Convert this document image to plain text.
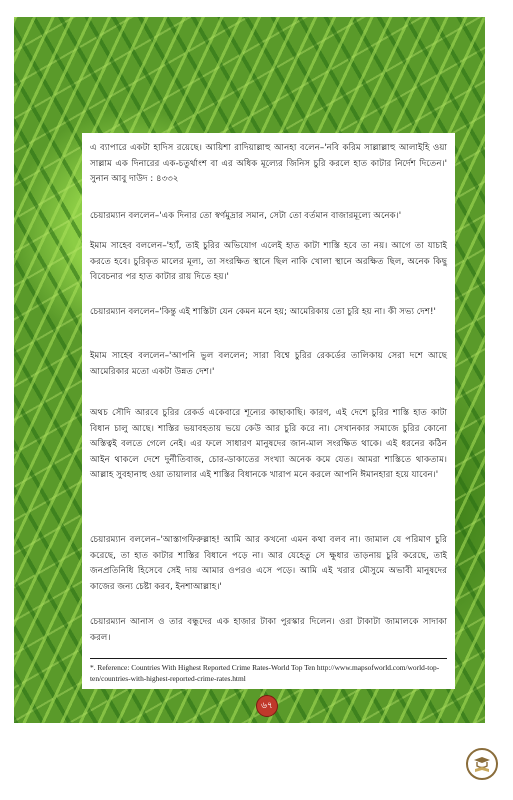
এ ব্যাপারে একটা হাদিস রয়েছে। আয়িশা রাদিয়াল্লাহু আনহা বলেন–'নবি করিম সাল্লাল্লাহু আলাইহি ওয়া সাল্লাম এক দিনারের এক-চতুর্থাংশ বা এর অধিক মূল্যের জিনিস চুরি করলে হাত কাটার নির্দেশ দিতেন।' সুনান আবু দাউদ : ৪৩৩২

চেয়ারম্যান বললেন–'এক দিনার তো স্বর্ণমুদ্রার সমান, সেটা তো বর্তমান বাজারমূল্যে অনেক।'

ইমাম সাহেব বললেন–'হ্যাঁ, তাই চুরির অভিযোগ এলেই হাত কাটা শাস্তি হবে তা নয়। আগে তা যাচাই করতে হবে। চুরিকৃত মালের মূল্য, তা সংরক্ষিত স্থানে ছিল নাকি খোলা স্থানে অরক্ষিত ছিল, অনেক কিছু বিবেচনার পর হাত কাটার রায় দিতে হয়।'

চেয়ারম্যান বললেন–'কিন্তু এই শাস্তিটা যেন কেমন মনে হয়; আমেরিকায় তো চুরি হয় না। কী সভ্য দেশ!'

ইমাম সাহেব বললেন–'আপনি ভুল বললেন; সারা বিশ্বে চুরির রেকর্ডের তালিকায় সেরা দশে আছে আমেরিকার মতো একটা উন্নত দেশ।'

অথচ সৌদি আরবে চুরির রেকর্ড একেবারে শূন্যের কাছাকাছি। কারণ, এই দেশে চুরির শাস্তি হাত কাটা বিধান চালু আছে। শাস্তির ভয়াবহতায় ভয়ে কেউ আর চুরি করে না। সেখানকার সমাজে চুরির কোনো অস্তিত্বই বলতে গেলে নেই। এর ফলে সাধারণ মানুষদের জান-মাল সংরক্ষিত থাকে। এই ধরনের কঠিন আইন থাকলে দেশে দুর্নীতিবাজ, চোর-ডাকাতের সংখ্যা অনেক কমে যেত। আমরা শাস্তিতে থাকতাম। আল্লাহ সুবহানাহু ওয়া তায়ালার এই শাস্তির বিধানকে খারাপ মনে করলে আপনি ঈমানহারা হয়ে যাবেন।'

চেয়ারম্যান বললেন–'আস্তাগফিরুল্লাহ! আমি আর কখনো এমন কথা বলব না। জামাল যে পরিমাণ চুরি করেছে, তা হাত কাটার শাস্তির বিধানে পড়ে না। আর যেহেতু সে ক্ষুধার তাড়নায় চুরি করেছে, তাই জনপ্রতিনিধি হিসেবে সেই দায় আমার ওপরও এসে পড়ে। আমি এই খরার মৌসুমে অভাবী মানুষদের কাজের জন্য চেষ্টা করব, ইনশাআল্লাহ।'

চেয়ারম্যান আনাস ও তার বন্ধুদের এক হাজার টাকা পুরস্কার দিলেন। ওরা টাকাটা জামালকে সাদাকা করল।

*. Reference: Countries With Highest Reported Crime Rates-World Top Ten http://www.mapsofworld.com/world-top-ten/countries-with-highest-reported-crime-rates.html

৬৭
